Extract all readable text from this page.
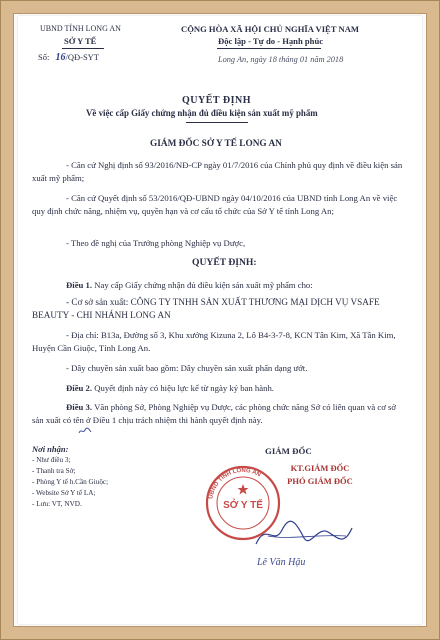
UBND TỈNH LONG AN
SỞ Y TẾ
Số: 16/QĐ-SYT
CỘNG HÒA XÃ HỘI CHỦ NGHĨA VIỆT NAM
Độc lập - Tự do - Hạnh phúc
Long An, ngày 18 tháng 01 năm 2018
QUYẾT ĐỊNH
Về việc cấp Giấy chứng nhận đủ điều kiện sản xuất mỹ phẩm
GIÁM ĐỐC SỞ Y TẾ LONG AN
- Căn cứ Nghị định số 93/2016/NĐ-CP ngày 01/7/2016 của Chính phủ quy định về điều kiện sản xuất mỹ phẩm;
- Căn cứ Quyết định số 53/2016/QĐ-UBND ngày 04/10/2016 của UBND tỉnh Long An về việc quy định chức năng, nhiệm vụ, quyền hạn và cơ cấu tổ chức của Sở Y tế tỉnh Long An;
- Theo đề nghị của Trưởng phòng Nghiệp vụ Dược,
QUYẾT ĐỊNH:
Điều 1. Nay cấp Giấy chứng nhận đủ điều kiện sản xuất mỹ phẩm cho:
- Cơ sở sản xuất: CÔNG TY TNHH SẢN XUẤT THƯƠNG MẠI DỊCH VỤ VSAFE BEAUTY - CHI NHÁNH LONG AN
- Địa chỉ: B13a, Đường số 3, Khu xưởng Kizuna 2, Lô B4-3-7-8, KCN Tân Kim, Xã Tân Kim, Huyện Cần Giuộc, Tỉnh Long An.
- Dây chuyền sản xuất bao gồm: Dây chuyền sản xuất phấn dạng ướt.
Điều 2. Quyết định này có hiệu lực kể từ ngày ký ban hành.
Điều 3. Văn phòng Sở, Phòng Nghiệp vụ Dược, các phòng chức năng Sở có liên quan và cơ sở sản xuất có tên ở Điều 1 chịu trách nhiệm thi hành quyết định này.
Nơi nhận:
- Như điều 3;
- Thanh tra Sở;
- Phòng Y tế h.Cần Giuộc;
- Website Sở Y tế LA;
- Lưu: VT, NVD.
GIÁM ĐỐC
UBND TỈNH LONG AN
SỞ Y TẾ
KT.GIÁM ĐỐC
PHÓ GIÁM ĐỐC
Lê Văn Hậu
